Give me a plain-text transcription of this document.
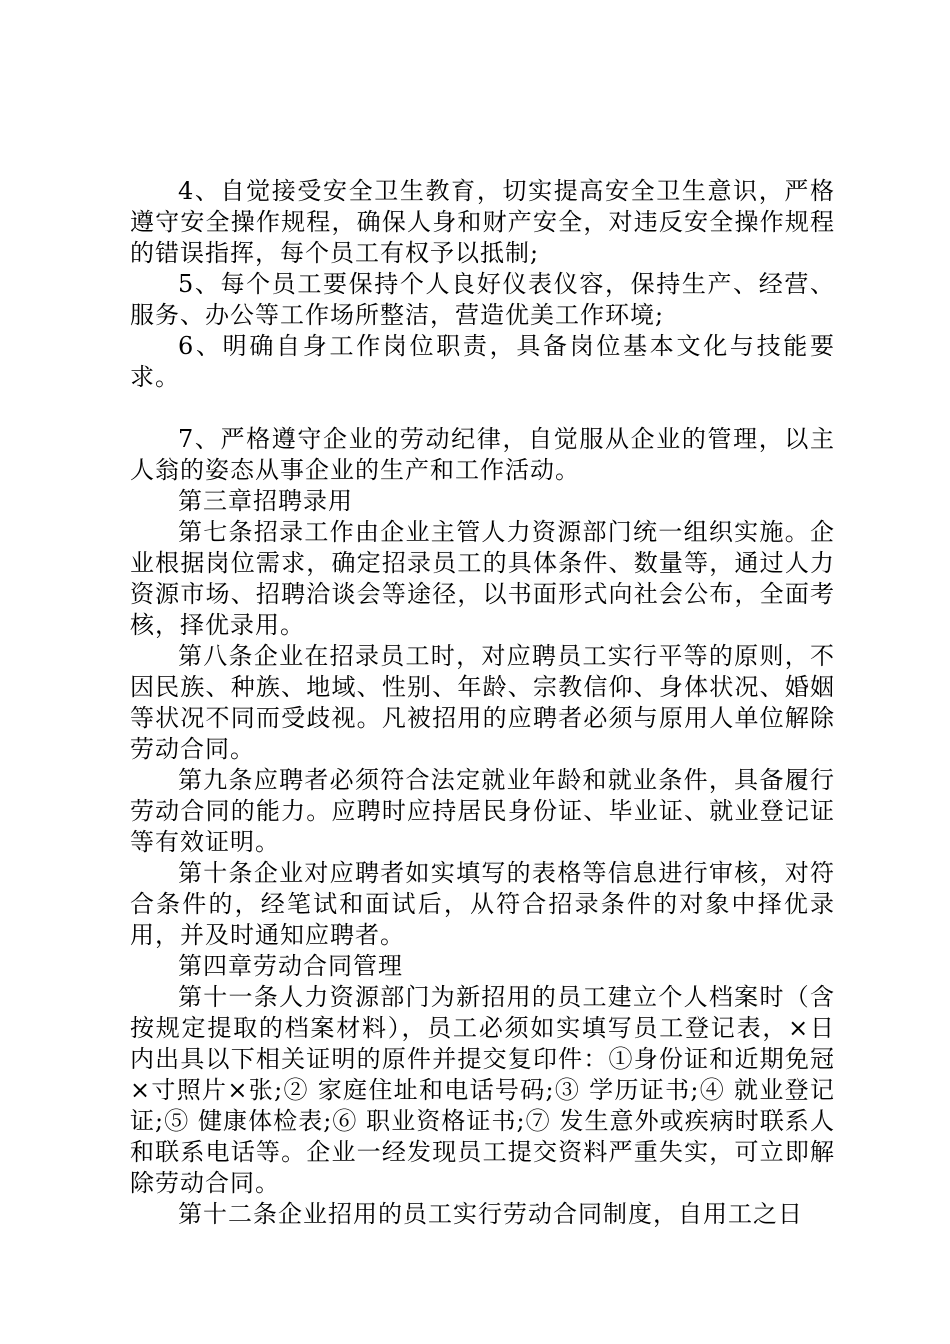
4、自觉接受安全卫生教育，切实提高安全卫生意识，严格遵守安全操作规程，确保人身和财产安全，对违反安全操作规程的错误指挥，每个员工有权予以抵制;

5、每个员工要保持个人良好仪表仪容，保持生产、经营、服务、办公等工作场所整洁，营造优美工作环境;

6、明确自身工作岗位职责，具备岗位基本文化与技能要求。

7、严格遵守企业的劳动纪律，自觉服从企业的管理，以主人翁的姿态从事企业的生产和工作活动。

第三章招聘录用

第七条招录工作由企业主管人力资源部门统一组织实施。企业根据岗位需求，确定招录员工的具体条件、数量等，通过人力资源市场、招聘洽谈会等途径，以书面形式向社会公布，全面考核，择优录用。

第八条企业在招录员工时，对应聘员工实行平等的原则，不因民族、种族、地域、性别、年龄、宗教信仰、身体状况、婚姻等状况不同而受歧视。凡被招用的应聘者必须与原用人单位解除劳动合同。

第九条应聘者必须符合法定就业年龄和就业条件，具备履行劳动合同的能力。应聘时应持居民身份证、毕业证、就业登记证等有效证明。

第十条企业对应聘者如实填写的表格等信息进行审核，对符合条件的，经笔试和面试后，从符合招录条件的对象中择优录用，并及时通知应聘者。

第四章劳动合同管理

第十一条人力资源部门为新招用的员工建立个人档案时（含按规定提取的档案材料），员工必须如实填写员工登记表，×日内出具以下相关证明的原件并提交复印件：①身份证和近期免冠×寸照片×张;② 家庭住址和电话号码;③ 学历证书;④ 就业登记证;⑤ 健康体检表;⑥ 职业资格证书;⑦ 发生意外或疾病时联系人和联系电话等。企业一经发现员工提交资料严重失实，可立即解除劳动合同。

第十二条企业招用的员工实行劳动合同制度，自用工之日
